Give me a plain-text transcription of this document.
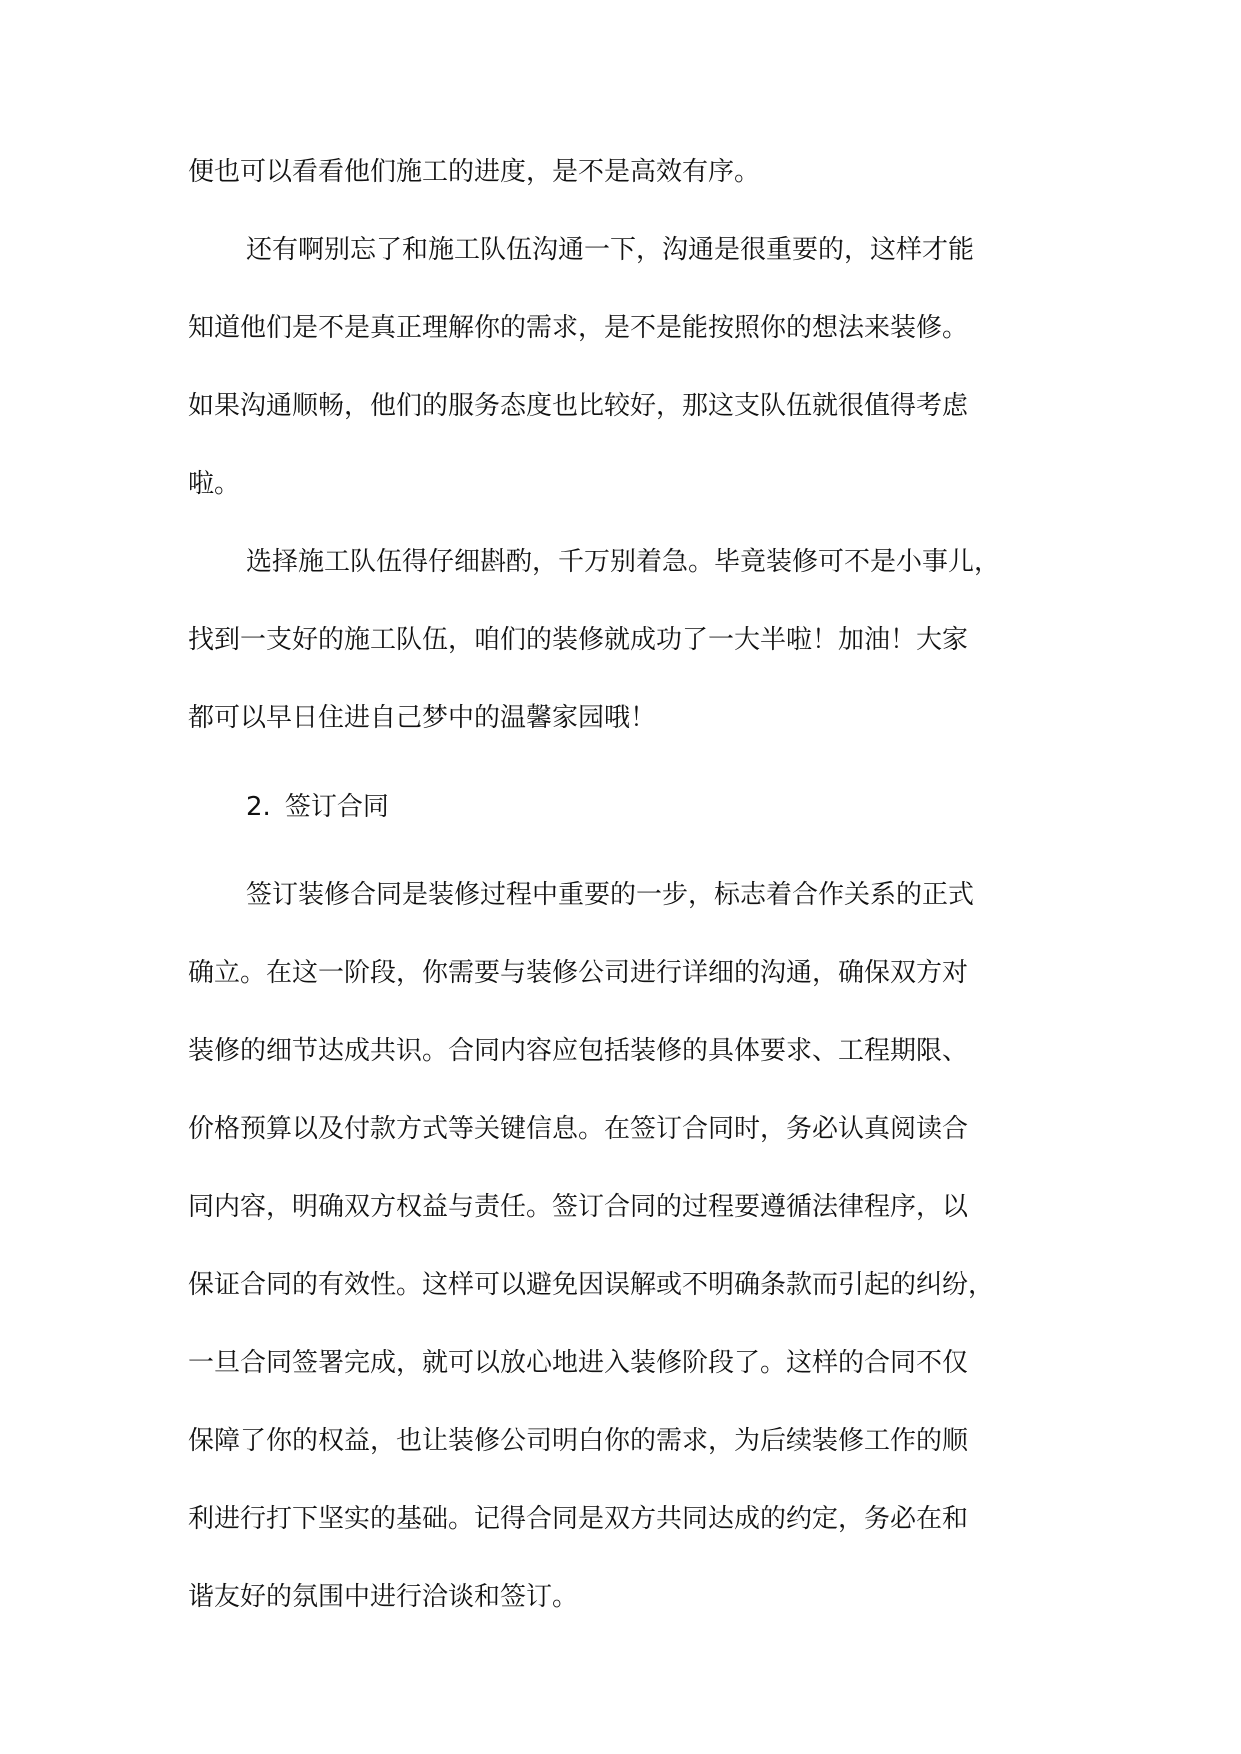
便也可以看看他们施工的进度，是不是高效有序。
还有啊别忘了和施工队伍沟通一下，沟通是很重要的，这样才能
知道他们是不是真正理解你的需求，是不是能按照你的想法来装修。
如果沟通顺畅，他们的服务态度也比较好，那这支队伍就很值得考虑
啦。
选择施工队伍得仔细斟酌，千万别着急。毕竟装修可不是小事儿，
找到一支好的施工队伍，咱们的装修就成功了一大半啦！加油！大家
都可以早日住进自己梦中的温馨家园哦！
2. 签订合同
签订装修合同是装修过程中重要的一步，标志着合作关系的正式
确立。在这一阶段，你需要与装修公司进行详细的沟通，确保双方对
装修的细节达成共识。合同内容应包括装修的具体要求、工程期限、
价格预算以及付款方式等关键信息。在签订合同时，务必认真阅读合
同内容，明确双方权益与责任。签订合同的过程要遵循法律程序，以
保证合同的有效性。这样可以避免因误解或不明确条款而引起的纠纷，
一旦合同签署完成，就可以放心地进入装修阶段了。这样的合同不仅
保障了你的权益，也让装修公司明白你的需求，为后续装修工作的顺
利进行打下坚实的基础。记得合同是双方共同达成的约定，务必在和
谐友好的氛围中进行洽谈和签订。
